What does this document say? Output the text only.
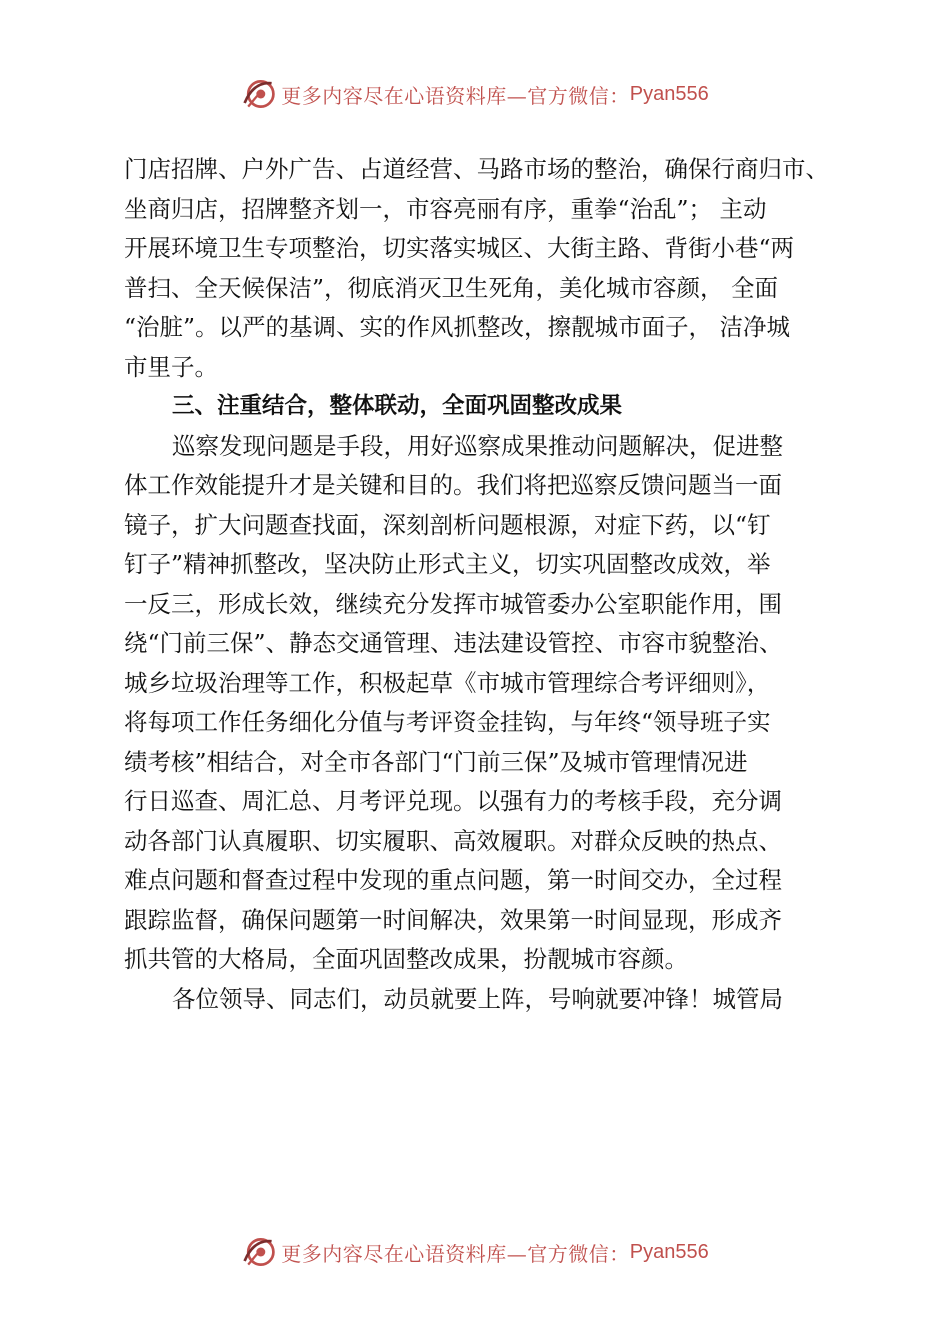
更多内容尽在心语资料库—官方微信： Pyan556
门店招牌、户外广告、占道经营、马路市场的整治，确保行商归市、
坐商归店，招牌整齐划一，市容亮丽有序，重拳“治乱”； 主动
开展环境卫生专项整治，切实落实城区、大街主路、背街小巷“两
普扫、全天候保洁”，彻底消灭卫生死角，美化城市容颜， 全面
“治脏”。以严的基调、实的作风抓整改，擦靓城市面子， 洁净城
市里子。
三、注重结合，整体联动，全面巩固整改成果
巡察发现问题是手段，用好巡察成果推动问题解决，促进整
体工作效能提升才是关键和目的。我们将把巡察反馈问题当一面
镜子，扩大问题查找面，深刻剖析问题根源，对症下药，以“钉
钉子”精神抓整改，坚决防止形式主义，切实巩固整改成效，举
一反三，形成长效，继续充分发挥市城管委办公室职能作用，围
绕“门前三保”、静态交通管理、违法建设管控、市容市貌整治、
城乡垃圾治理等工作，积极起草《市城市管理综合考评细则》，
将每项工作任务细化分值与考评资金挂钩，与年终“领导班子实
绩考核”相结合，对全市各部门“门前三保”及城市管理情况进
行日巡查、周汇总、月考评兑现。以强有力的考核手段，充分调
动各部门认真履职、切实履职、高效履职。对群众反映的热点、
难点问题和督查过程中发现的重点问题，第一时间交办，全过程
跟踪监督，确保问题第一时间解决，效果第一时间显现，形成齐
抓共管的大格局，全面巩固整改成果，扮靓城市容颜。
各位领导、同志们，动员就要上阵，号响就要冲锋！城管局
更多内容尽在心语资料库—官方微信： Pyan556
